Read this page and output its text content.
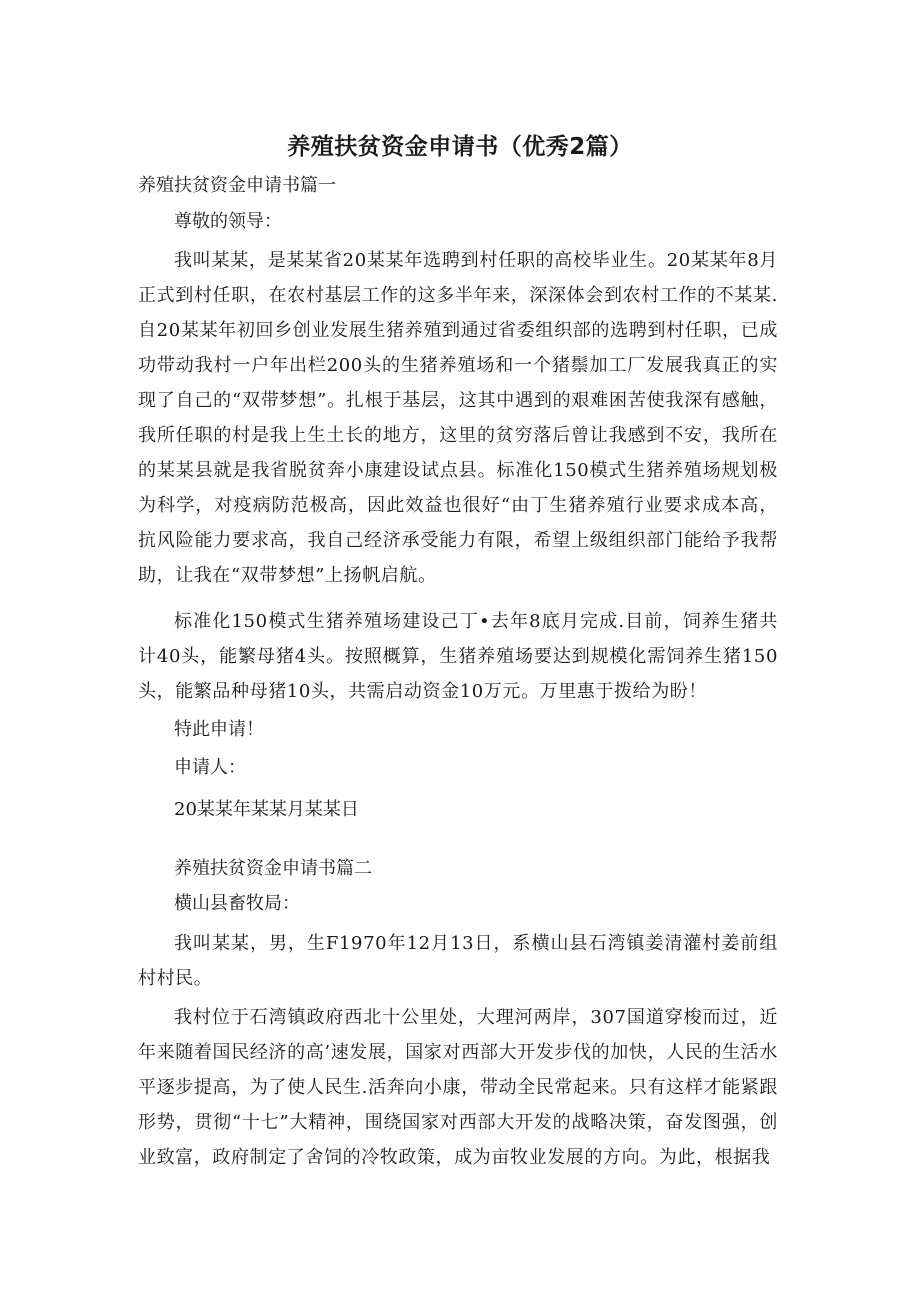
养殖扶贫资金申请书（优秀2篇）

养殖扶贫资金申请书篇一

尊敬的领导：

我叫某某，是某某省20某某年选聘到村任职的高校毕业生。20某某年8月正式到村任职，在农村基层工作的这多半年来，深深体会到农村工作的不某某.自20某某年初回乡创业发展生猪养殖到通过省委组织部的选聘到村任职，已成功带动我村一户年出栏200头的生猪养殖场和一个猪鬃加工厂发展我真正的实现了自己的“双带梦想”。扎根于基层，这其中遇到的艰难困苦使我深有感触，我所任职的村是我上生土长的地方，这里的贫穷落后曾让我感到不安，我所在的某某县就是我省脱贫奔小康建设试点县。标准化150模式生猪养殖场规划极为科学，对疫病防范极高，因此效益也很好“由丁生猪养殖行业要求成本高，抗风险能力要求高，我自己经济承受能力有限，希望上级组织部门能给予我帮助，让我在“双带梦想”上扬帆启航。

标准化150模式生猪养殖场建设己丁•去年8底月完成.目前，饲养生猪共计40头，能繁母猪4头。按照概算，生猪养殖场要达到规模化需饲养生猪150头，能繁品种母猪10头，共需启动资金10万元。万里惠于拨给为盼！

特此申请！

申请人：

20某某年某某月某某日

养殖扶贫资金申请书篇二

横山县畜牧局：

我叫某某，男，生F1970年12月13日，系横山县石湾镇姜清灌村姜前组村村民。

我村位于石湾镇政府西北十公里处，大理河两岸，307国道穿梭而过，近年来随着国民经济的高’速发展，国家对西部大开发步伐的加快，人民的生活水平逐步提高，为了使人民生.活奔向小康，带动全民常起来。只有这样才能紧跟形势，贯彻“十七”大精神，围绕国家对西部大开发的战略决策，奋发图强，创业致富，政府制定了舍饲的冷牧政策，成为亩牧业发展的方向。为此，根据我
